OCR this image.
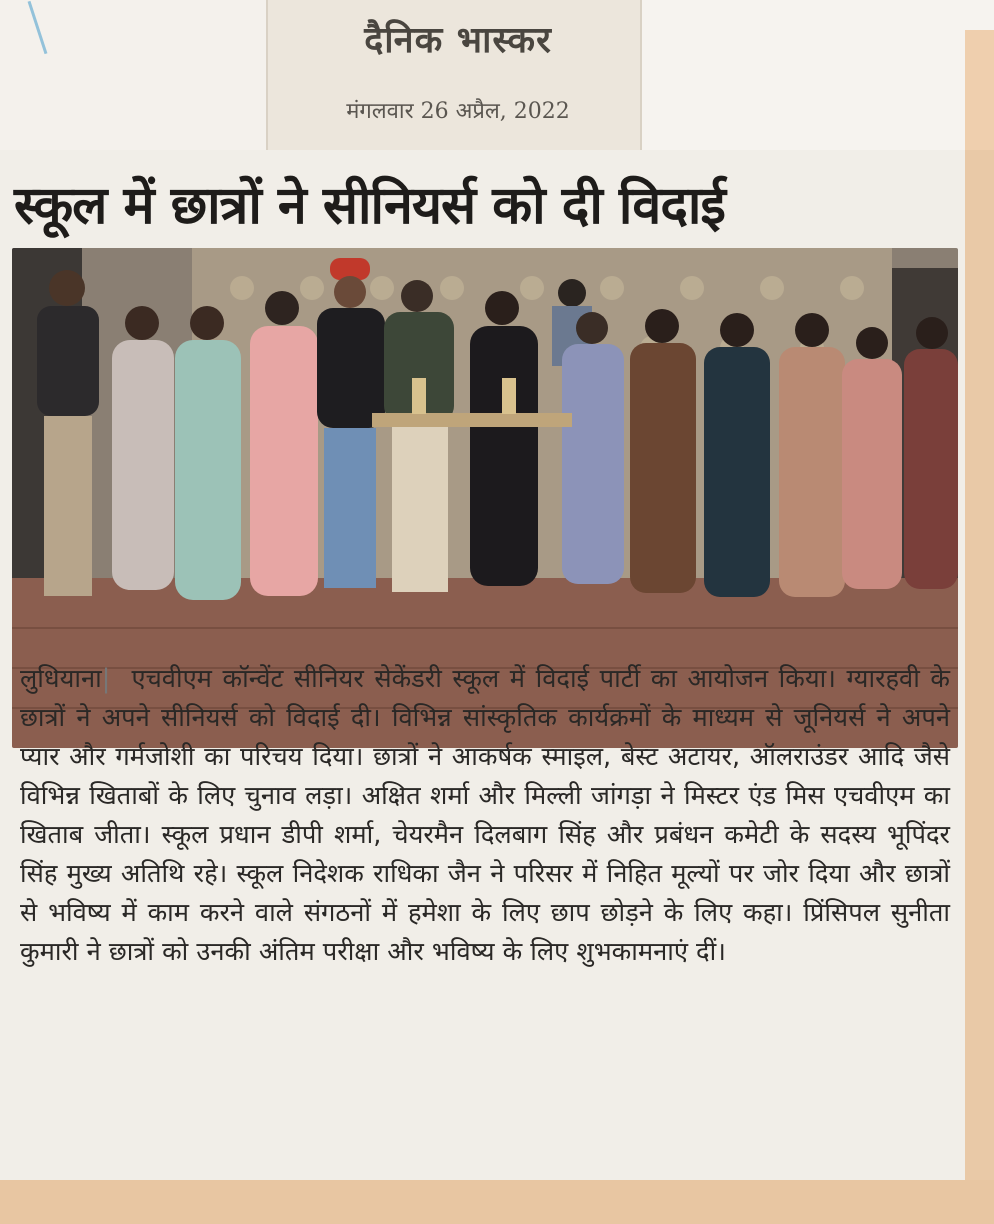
दैनिक भास्कर
मंगलवार 26 अप्रैल, 2022
स्कूल में छात्रों ने सीनियर्स को दी विदाई
लुधियाना|  एचवीएम कॉन्वेंट सीनियर सेकेंडरी स्कूल में विदाई पार्टी का आयोजन किया। ग्यारहवी के छात्रों ने अपने सीनियर्स को विदाई दी। विभिन्न सांस्कृतिक कार्यक्रमों के माध्यम से जूनियर्स ने अपने प्यार और गर्मजोशी का परिचय दिया। छात्रों ने आकर्षक स्माइल, बेस्ट अटायर, ऑलराउंडर आदि जैसे विभिन्न खिताबों के लिए चुनाव लड़ा। अक्षित शर्मा और मिल्ली जांगड़ा ने मिस्टर एंड मिस एचवीएम का खिताब जीता। स्कूल प्रधान डीपी शर्मा, चेयरमैन दिलबाग सिंह और प्रबंधन कमेटी के सदस्य भूपिंदर सिंह मुख्य अतिथि रहे। स्कूल निदेशक राधिका जैन ने परिसर में निहित मूल्यों पर जोर दिया और छात्रों से भविष्य में काम करने वाले संगठनों में हमेशा के लिए छाप छोड़ने के लिए कहा। प्रिंसिपल सुनीता कुमारी ने छात्रों को उनकी अंतिम परीक्षा और भविष्य के लिए शुभकामनाएं दीं।
